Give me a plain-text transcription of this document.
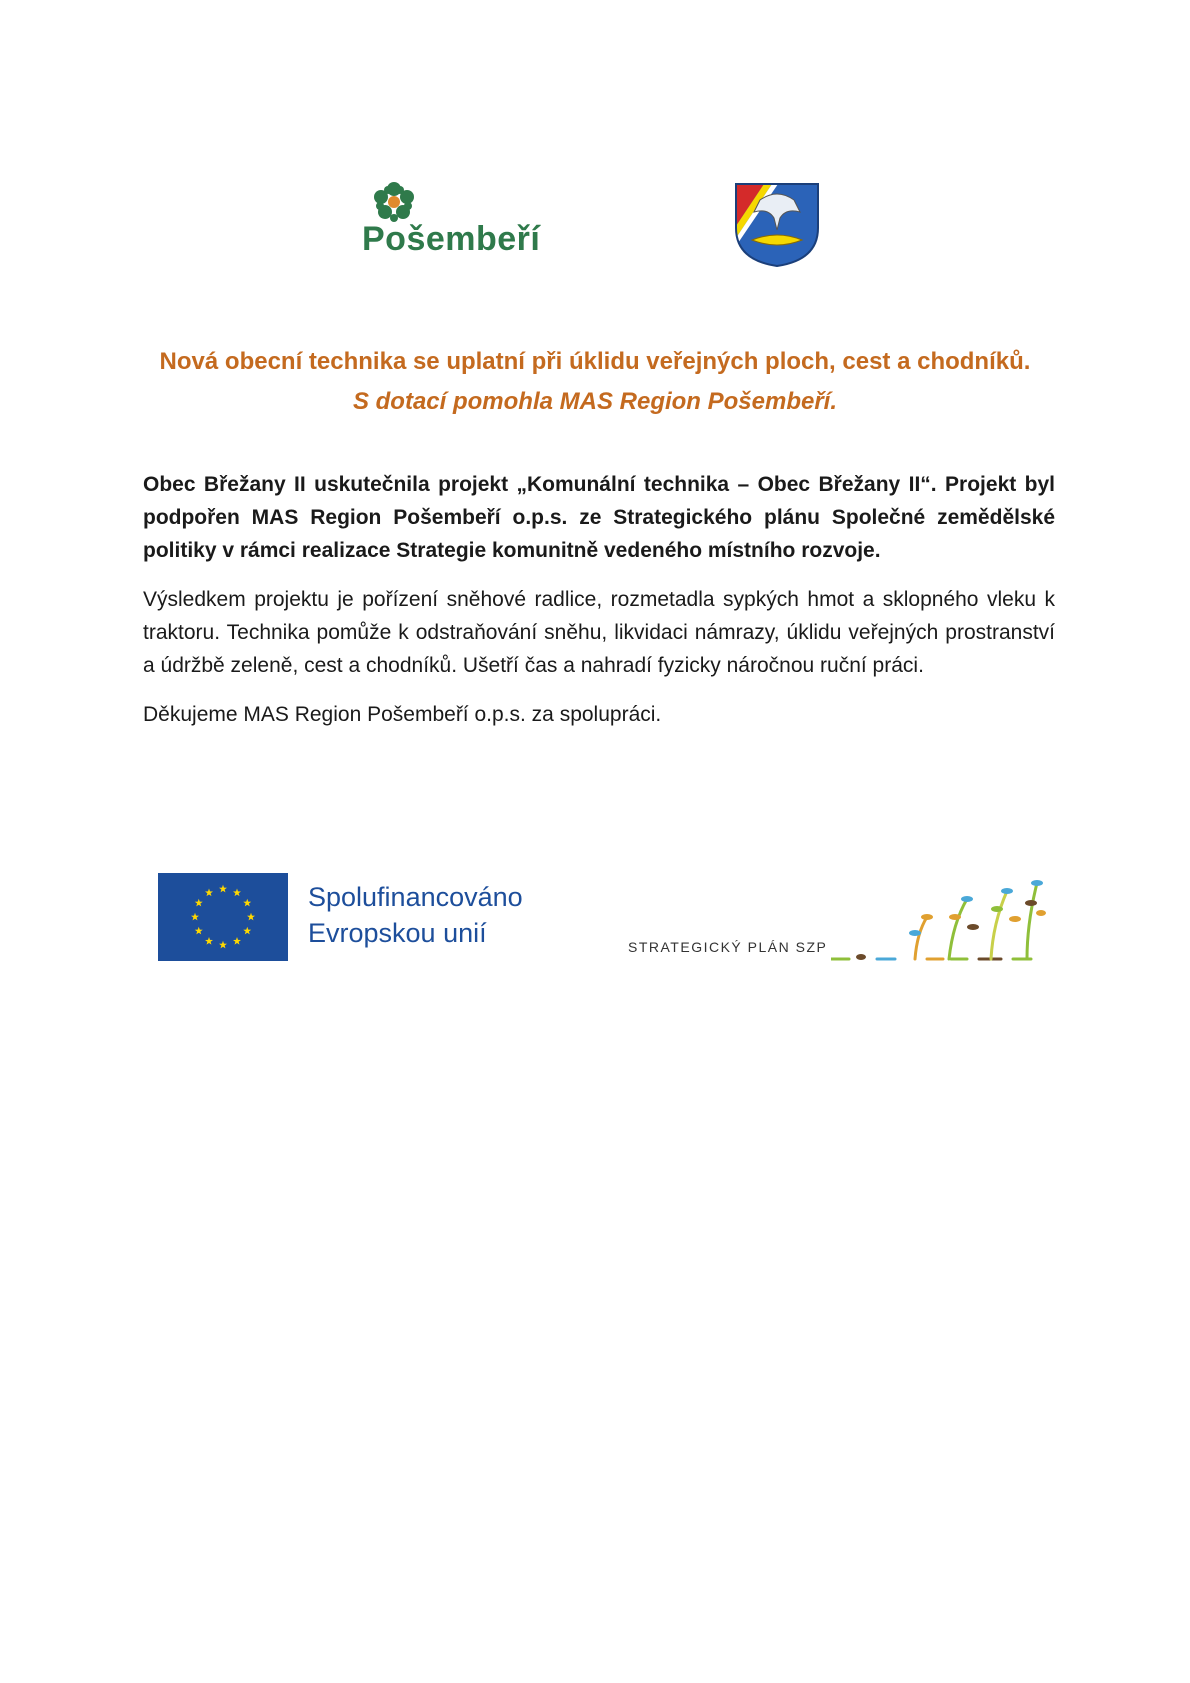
Pošembeří
Nová obecní technika se uplatní při úklidu veřejných ploch, cest a chodníků.
S dotací pomohla MAS Region Pošembeří.

Obec Břežany II uskutečnila projekt „Komunální technika – Obec Břežany II“. Projekt byl podpořen MAS Region Pošembeří o.p.s. ze Strategického plánu Společné zemědělské politiky v rámci realizace Strategie komunitně vedeného místního rozvoje.

Výsledkem projektu je pořízení sněhové radlice, rozmetadla sypkých hmot a sklopného vleku k traktoru. Technika pomůže k odstraňování sněhu, likvidaci námrazy, úklidu veřejných prostranství a údržbě zeleně, cest a chodníků. Ušetří čas a nahradí fyzicky náročnou ruční práci.

Děkujeme MAS Region Pošembeří o.p.s. za spolupráci.

Spolufinancováno
Evropskou unií	STRATEGICKÝ PLÁN SZP
